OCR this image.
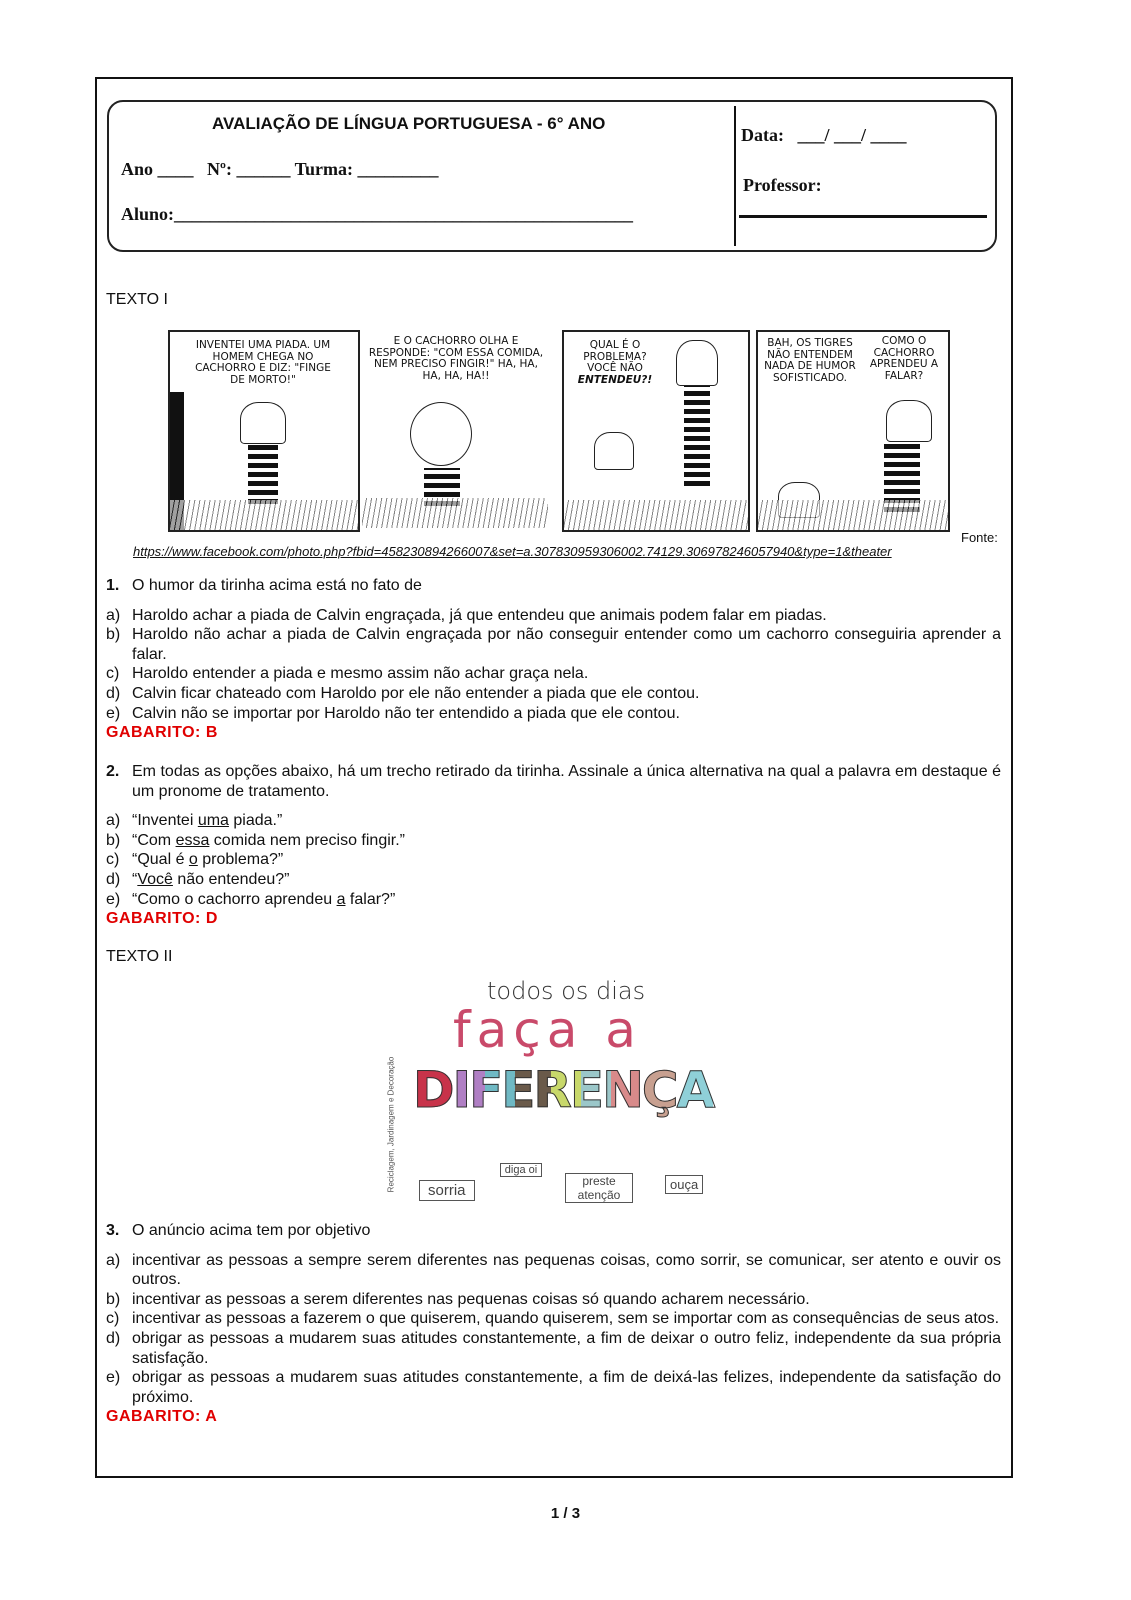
AVALIAÇÃO DE LÍNGUA PORTUGUESA - 6° ANO
Ano ____   Nº: ______ Turma: _________
Aluno:___________________________________________________
Data:   ___/ ___/ ____
Professor:
TEXTO I
INVENTEI UMA PIADA. UM HOMEM CHEGA NO CACHORRO E DIZ: "FINGE DE MORTO!"
E O CACHORRO OLHA E RESPONDE: "COM ESSA COMIDA, NEM PRECISO FINGIR!" HA, HA, HA, HA, HA!!
QUAL É O PROBLEMA? VOCÊ NÃO
ENTENDEU?!
BAH, OS TIGRES NÃO ENTENDEM NADA DE HUMOR SOFISTICADO.
COMO O CACHORRO APRENDEU A FALAR?
Fonte:
https://www.facebook.com/photo.php?fbid=458230894266007&set=a.307830959306002.74129.306978246057940&type=1&theater
1. O humor da tirinha acima está no fato de
a) Haroldo achar a piada de Calvin engraçada, já que entendeu que animais podem falar em piadas.
b) Haroldo não achar a piada de Calvin engraçada por não conseguir entender como um cachorro conseguiria aprender a falar.
c) Haroldo entender a piada e mesmo assim não achar graça nela.
d) Calvin ficar chateado com Haroldo por ele não entender a piada que ele contou.
e) Calvin não se importar por Haroldo não ter entendido a piada que ele contou.
GABARITO: B
2. Em todas as opções abaixo, há um trecho retirado da tirinha. Assinale a única alternativa na qual a palavra em destaque é um pronome de tratamento.
a) “Inventei uma piada.”
b) “Com essa comida nem preciso fingir.”
c) “Qual é o problema?”
d) “Você não entendeu?”
e) “Como o cachorro aprendeu a falar?”
GABARITO: D
TEXTO II
todos os dias
faça a
DIFERENÇA
sorria
diga oi
preste atenção
ouça
Reciclagem, Jardinagem e Decoração
3. O anúncio acima tem por objetivo
a) incentivar as pessoas a sempre serem diferentes nas pequenas coisas, como sorrir, se comunicar, ser atento e ouvir os outros.
b) incentivar as pessoas a serem diferentes nas pequenas coisas só quando acharem necessário.
c) incentivar as pessoas a fazerem o que quiserem, quando quiserem, sem se importar com as consequências de seus atos.
d) obrigar as pessoas a mudarem suas atitudes constantemente, a fim de deixar o outro feliz, independente da sua própria satisfação.
e) obrigar as pessoas a mudarem suas atitudes constantemente, a fim de deixá-las felizes, independente da satisfação do próximo.
GABARITO: A
1 / 3
